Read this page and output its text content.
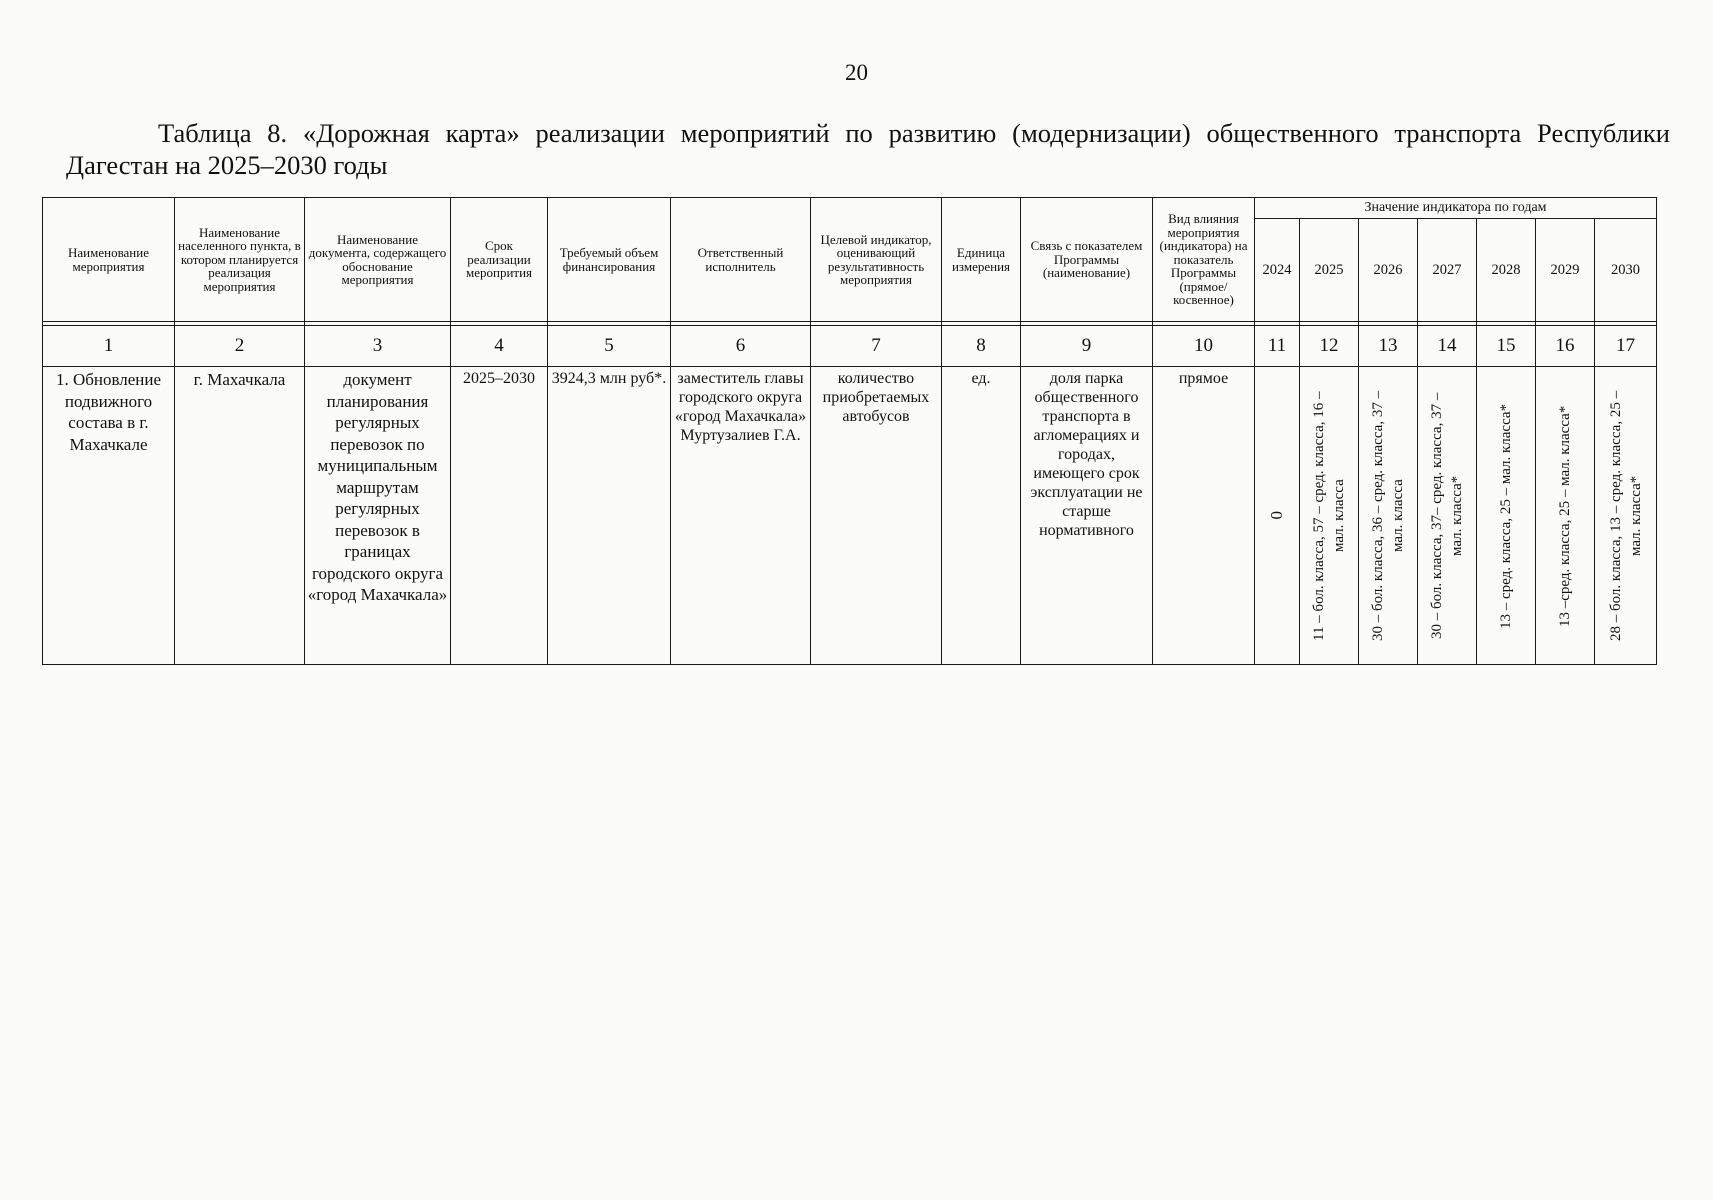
20
Таблица 8. «Дорожная карта» реализации мероприятий по развитию (модернизации) общественного транспорта Республики Дагестан на 2025–2030 годы
Наименование мероприятия	Наименование населенного пункта, в котором планируется реализация мероприятия	Наименование документа, содержащего обоснование мероприятия	Срок реализации меропрития	Требуемый объем финансирования	Ответственный исполнитель	Целевой индикатор, оценивающий результативность мероприятия	Единица измерения	Связь с показателем Программы (наименование)	Вид влияния мероприятия (индикатора) на показатель Программы (прямое/ косвенное)	Значение индикатора по годам						
										2024	2025	2026	2027	2028	2029	2030

1	2	3	4	5	6	7	8	9	10	11	12	13	14	15	16	17
1. Обновление подвижного состава в г. Махачкале	г. Махачкала	документ планирования регулярных перевозок по муниципальным маршрутам регулярных перевозок в границах городского округа «город Махачкала»	2025–2030	3924,3 млн руб*.	заместитель главы городского округа «город Махачкала» Муртузалиев Г.А.	количество приобретаемых автобусов	ед.	доля парка общественного транспорта в агломерациях и городах, имеющего срок эксплуатации не старше нормативного	прямое	0	11 – бол. класса, 57 – сред. класса, 16 – мал. класса	30 – бол. класса, 36 – сред. класса, 37 – мал. класса	30 – бол. класса, 37– сред. класса, 37 – мал. класса*	13 – сред. класса, 25 – мал. класса*	13 –сред. класса, 25 – мал. класса*	28 – бол. класса, 13 – сред. класса, 25 – мал. класса*
